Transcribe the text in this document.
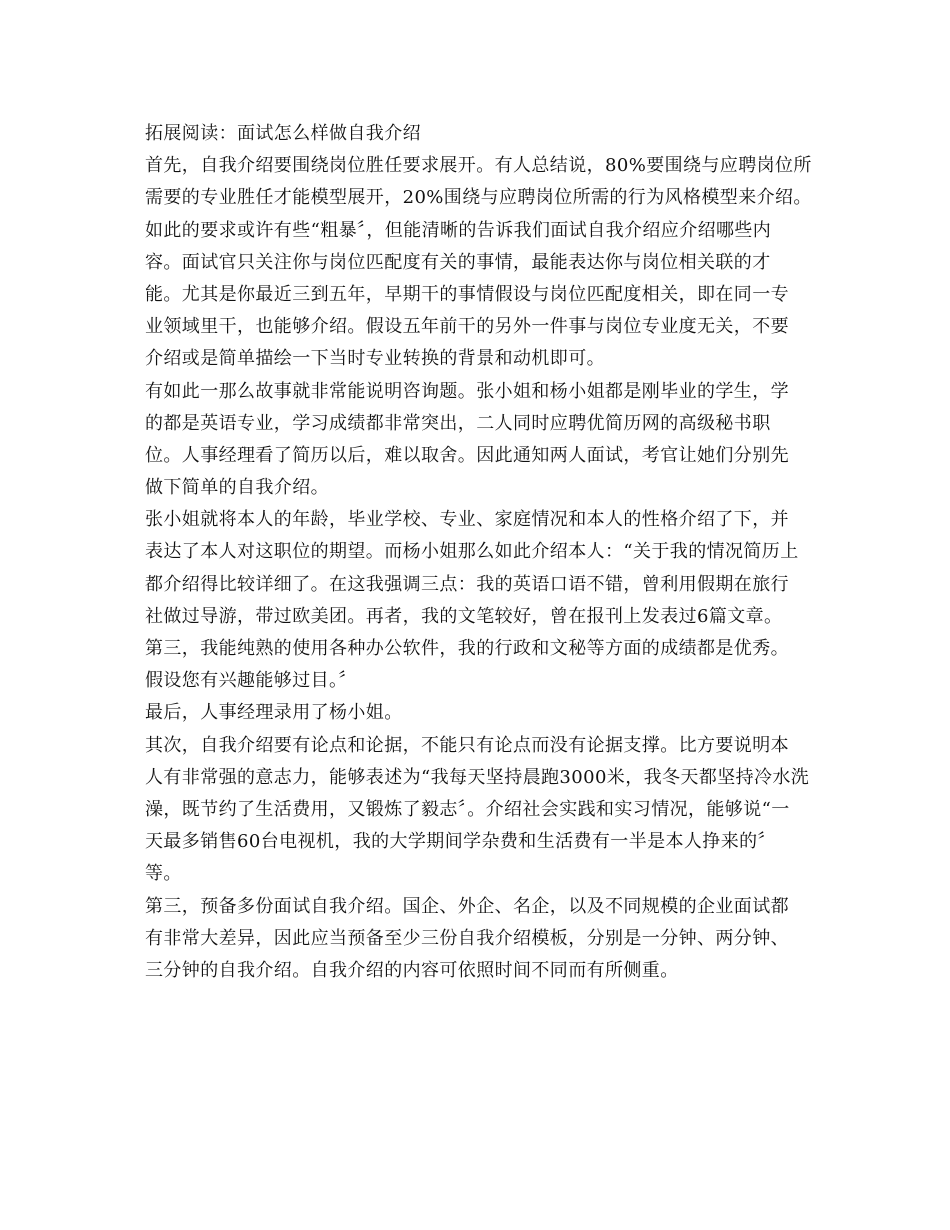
拓展阅读：面试怎么样做自我介绍
首先，自我介绍要围绕岗位胜任要求展开。有人总结说，80%要围绕与应聘岗位所
需要的专业胜任才能模型展开，20%围绕与应聘岗位所需的行为风格模型来介绍。
如此的要求或许有些“粗暴〞，但能清晰的告诉我们面试自我介绍应介绍哪些内
容。面试官只关注你与岗位匹配度有关的事情，最能表达你与岗位相关联的才
能。尤其是你最近三到五年，早期干的事情假设与岗位匹配度相关，即在同一专
业领域里干，也能够介绍。假设五年前干的另外一件事与岗位专业度无关，不要
介绍或是简单描绘一下当时专业转换的背景和动机即可。
有如此一那么故事就非常能说明咨询题。张小姐和杨小姐都是刚毕业的学生，学
的都是英语专业，学习成绩都非常突出，二人同时应聘优简历网的高级秘书职
位。人事经理看了简历以后，难以取舍。因此通知两人面试，考官让她们分别先
做下简单的自我介绍。
张小姐就将本人的年龄，毕业学校、专业、家庭情况和本人的性格介绍了下，并
表达了本人对这职位的期望。而杨小姐那么如此介绍本人：“关于我的情况简历上
都介绍得比较详细了。在这我强调三点：我的英语口语不错，曾利用假期在旅行
社做过导游，带过欧美团。再者，我的文笔较好，曾在报刊上发表过6篇文章。
第三，我能纯熟的使用各种办公软件，我的行政和文秘等方面的成绩都是优秀。
假设您有兴趣能够过目。〞
最后，人事经理录用了杨小姐。
其次，自我介绍要有论点和论据，不能只有论点而没有论据支撑。比方要说明本
人有非常强的意志力，能够表述为“我每天坚持晨跑3000米，我冬天都坚持冷水洗
澡，既节约了生活费用，又锻炼了毅志〞。介绍社会实践和实习情况，能够说“一
天最多销售60台电视机，我的大学期间学杂费和生活费有一半是本人挣来的〞
等。
第三，预备多份面试自我介绍。国企、外企、名企，以及不同规模的企业面试都
有非常大差异，因此应当预备至少三份自我介绍模板，分别是一分钟、两分钟、
三分钟的自我介绍。自我介绍的内容可依照时间不同而有所侧重。
